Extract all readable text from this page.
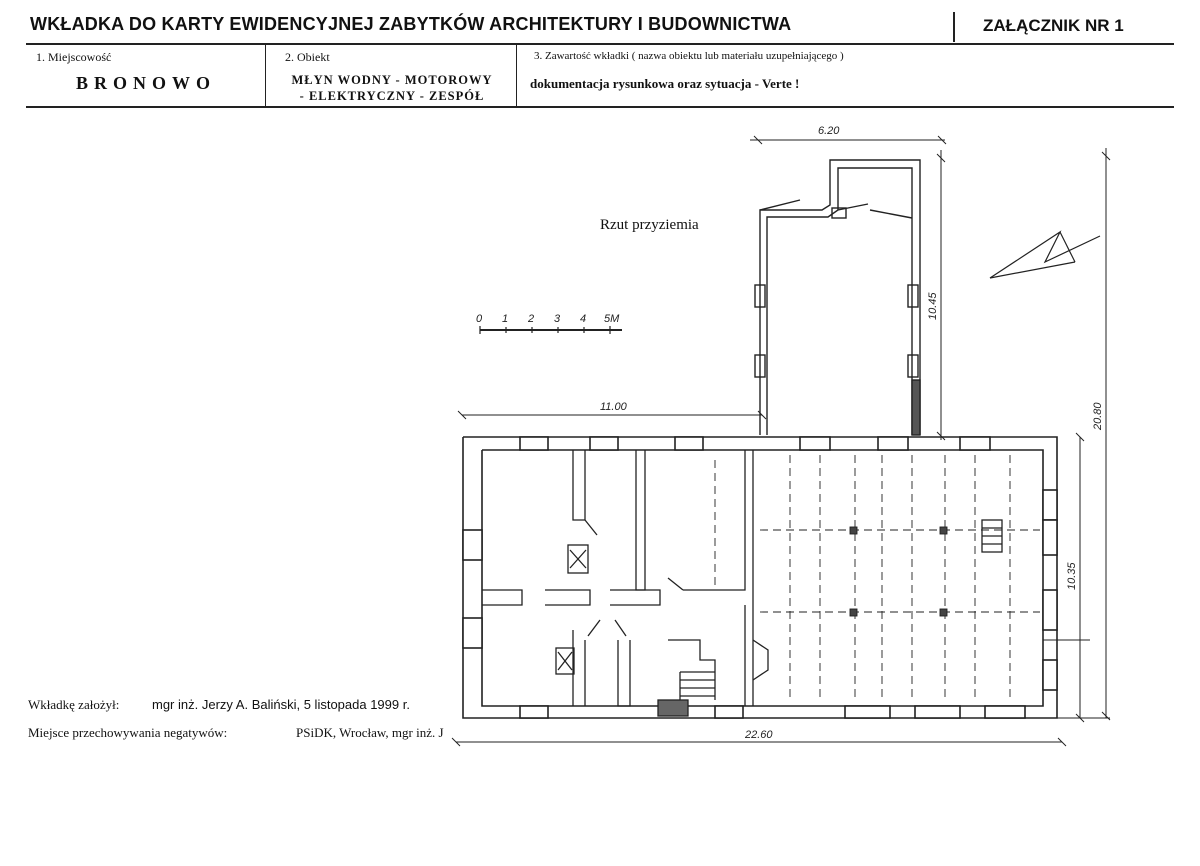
WKŁADKA DO KARTY EWIDENCYJNEJ ZABYTKÓW ARCHITEKTURY I BUDOWNICTWA	ZAŁĄCZNIK NR 1
1. Miejscowość
BRONOWO
2. Obiekt
MŁYN WODNY - MOTOROWY
- ELEKTRYCZNY - ZESPÓŁ
3. Zawartość wkładki ( nazwa obiektu lub materiału uzupełniającego )
dokumentacja rysunkowa oraz sytuacja - Verte !
Rzut przyziemia
0 1 2 3 4 5M
6.20
10.45
11.00	20.80
10.35
22.60
Wkładkę założył:	mgr inż. Jerzy A. Baliński, 5 listopada 1999 r.
Miejsce przechowywania negatywów:	PSiDK, Wrocław, mgr inż. J
